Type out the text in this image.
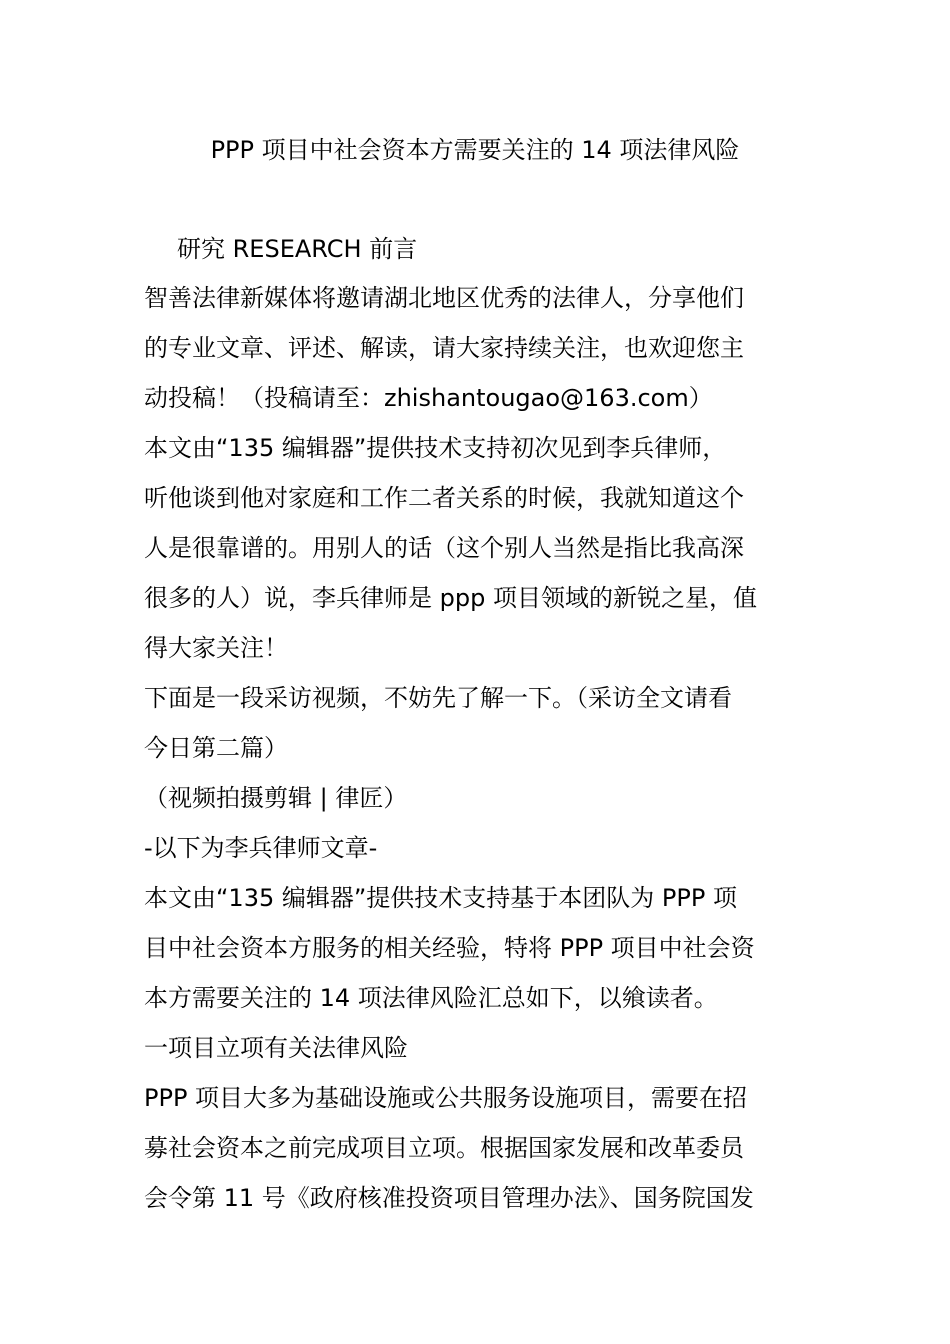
PPP 项目中社会资本方需要关注的 14 项法律风险

研究 RESEARCH 前言

智善法律新媒体将邀请湖北地区优秀的法律人，分享他们

的专业文章、评述、解读，请大家持续关注，也欢迎您主

动投稿！（投稿请至：zhishantougao@163.com）

本文由“135 编辑器”提供技术支持初次见到李兵律师，

听他谈到他对家庭和工作二者关系的时候，我就知道这个

人是很靠谱的。用别人的话（这个别人当然是指比我高深

很多的人）说，李兵律师是 ppp 项目领域的新锐之星，值

得大家关注！

下面是一段采访视频，不妨先了解一下。（采访全文请看

今日第二篇）

（视频拍摄剪辑 | 律匠）

-以下为李兵律师文章-

本文由“135 编辑器”提供技术支持基于本团队为 PPP 项

目中社会资本方服务的相关经验，特将 PPP 项目中社会资

本方需要关注的 14 项法律风险汇总如下，以飨读者。

一项目立项有关法律风险

PPP 项目大多为基础设施或公共服务设施项目，需要在招

募社会资本之前完成项目立项。根据国家发展和改革委员

会令第 11 号《政府核准投资项目管理办法》、国务院国发
